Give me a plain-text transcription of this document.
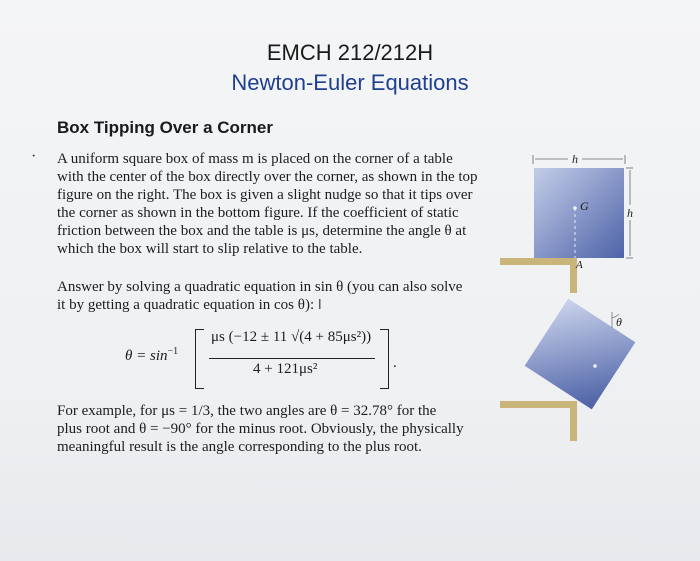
EMCH 212/212H
Newton-Euler Equations
Box Tipping Over a Corner
· A uniform square box of mass m is placed on the corner of a table
with the center of the box directly over the corner, as shown in the top
figure on the right. The box is given a slight nudge so that it tips over
the corner as shown in the bottom figure. If the coefficient of static
friction between the box and the table is μs, determine the angle θ at
which the box will start to slip relative to the table.
Answer by solving a quadratic equation in sin θ (you can also solve
it by getting a quadratic equation in cos θ): I
$\theta = \sin^{-1}$
μs (−12 ± 11 √(4 + 85μs²))
4 + 121μs²	.
For example, for μs = 1/3, the two angles are θ = 32.78° for the
plus root and θ = −90° for the minus root. Obviously, the physically
meaningful result is the angle corresponding to the plus root.
h
G	h
A
θ
